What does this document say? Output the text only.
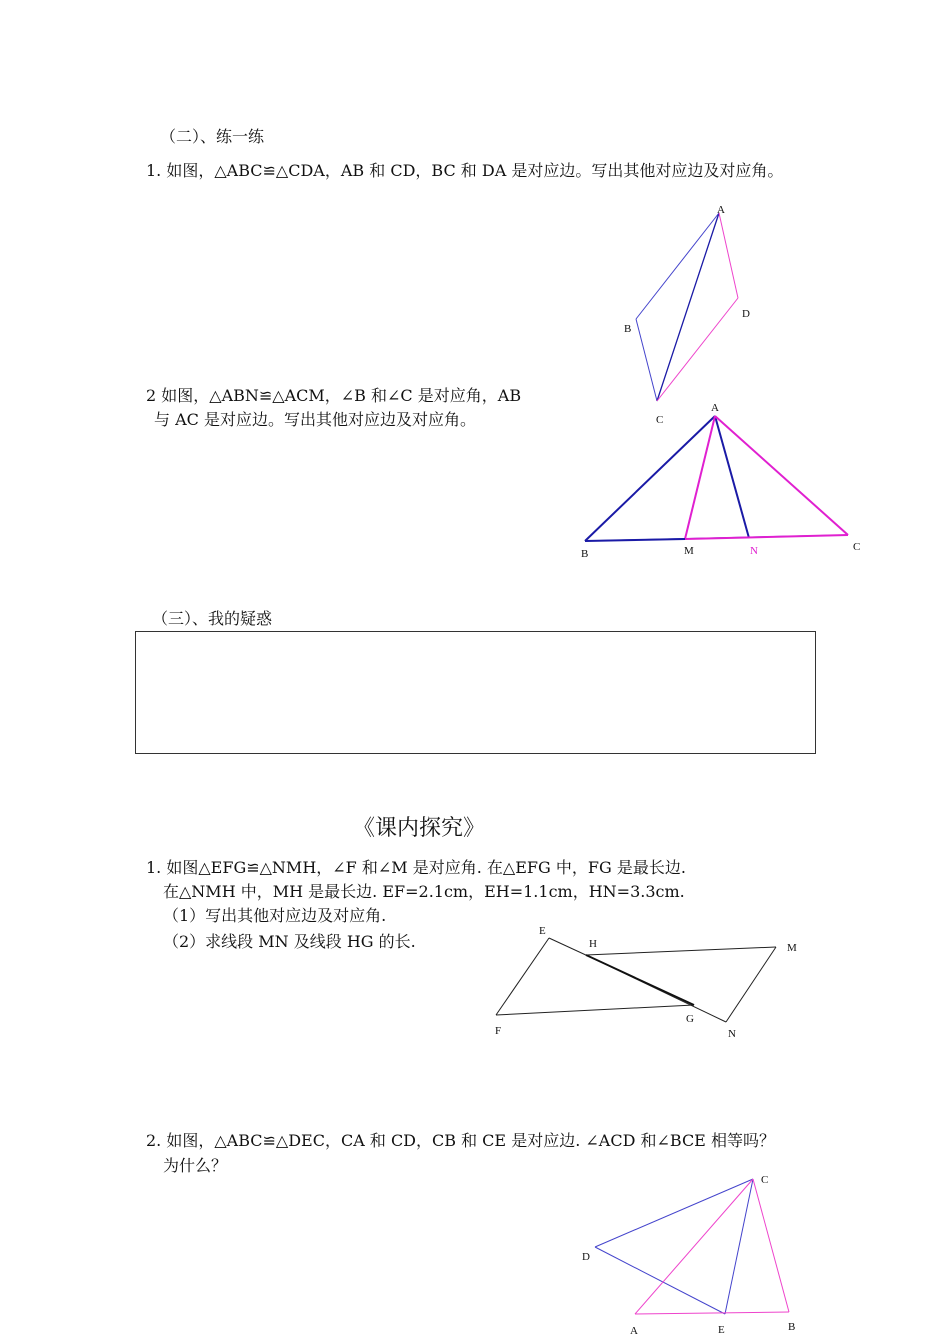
（二）、练一练
1. 如图，△ABC≌△CDA，AB 和 CD，BC 和 DA 是对应边。写出其他对应边及对应角。
A
B
C
D
2 如图，△ABN≌△ACM，∠B 和∠C 是对应角，AB
与 AC 是对应边。写出其他对应边及对应角。
A
B	M	N	C
（三）、我的疑惑
《课内探究》
1. 如图△EFG≌△NMH，∠F 和∠M 是对应角. 在△EFG 中，FG 是最长边.
在△NMH 中，MH 是最长边. EF=2.1cm，EH=1.1cm，HN=3.3cm.
（1）写出其他对应边及对应角.
（2）求线段 MN 及线段 HG 的长.
E
H	M
F
G
N
2. 如图，△ABC≌△DEC，CA 和 CD，CB 和 CE 是对应边. ∠ACD 和∠BCE 相等吗？
为什么？
C
D
A	E	B
